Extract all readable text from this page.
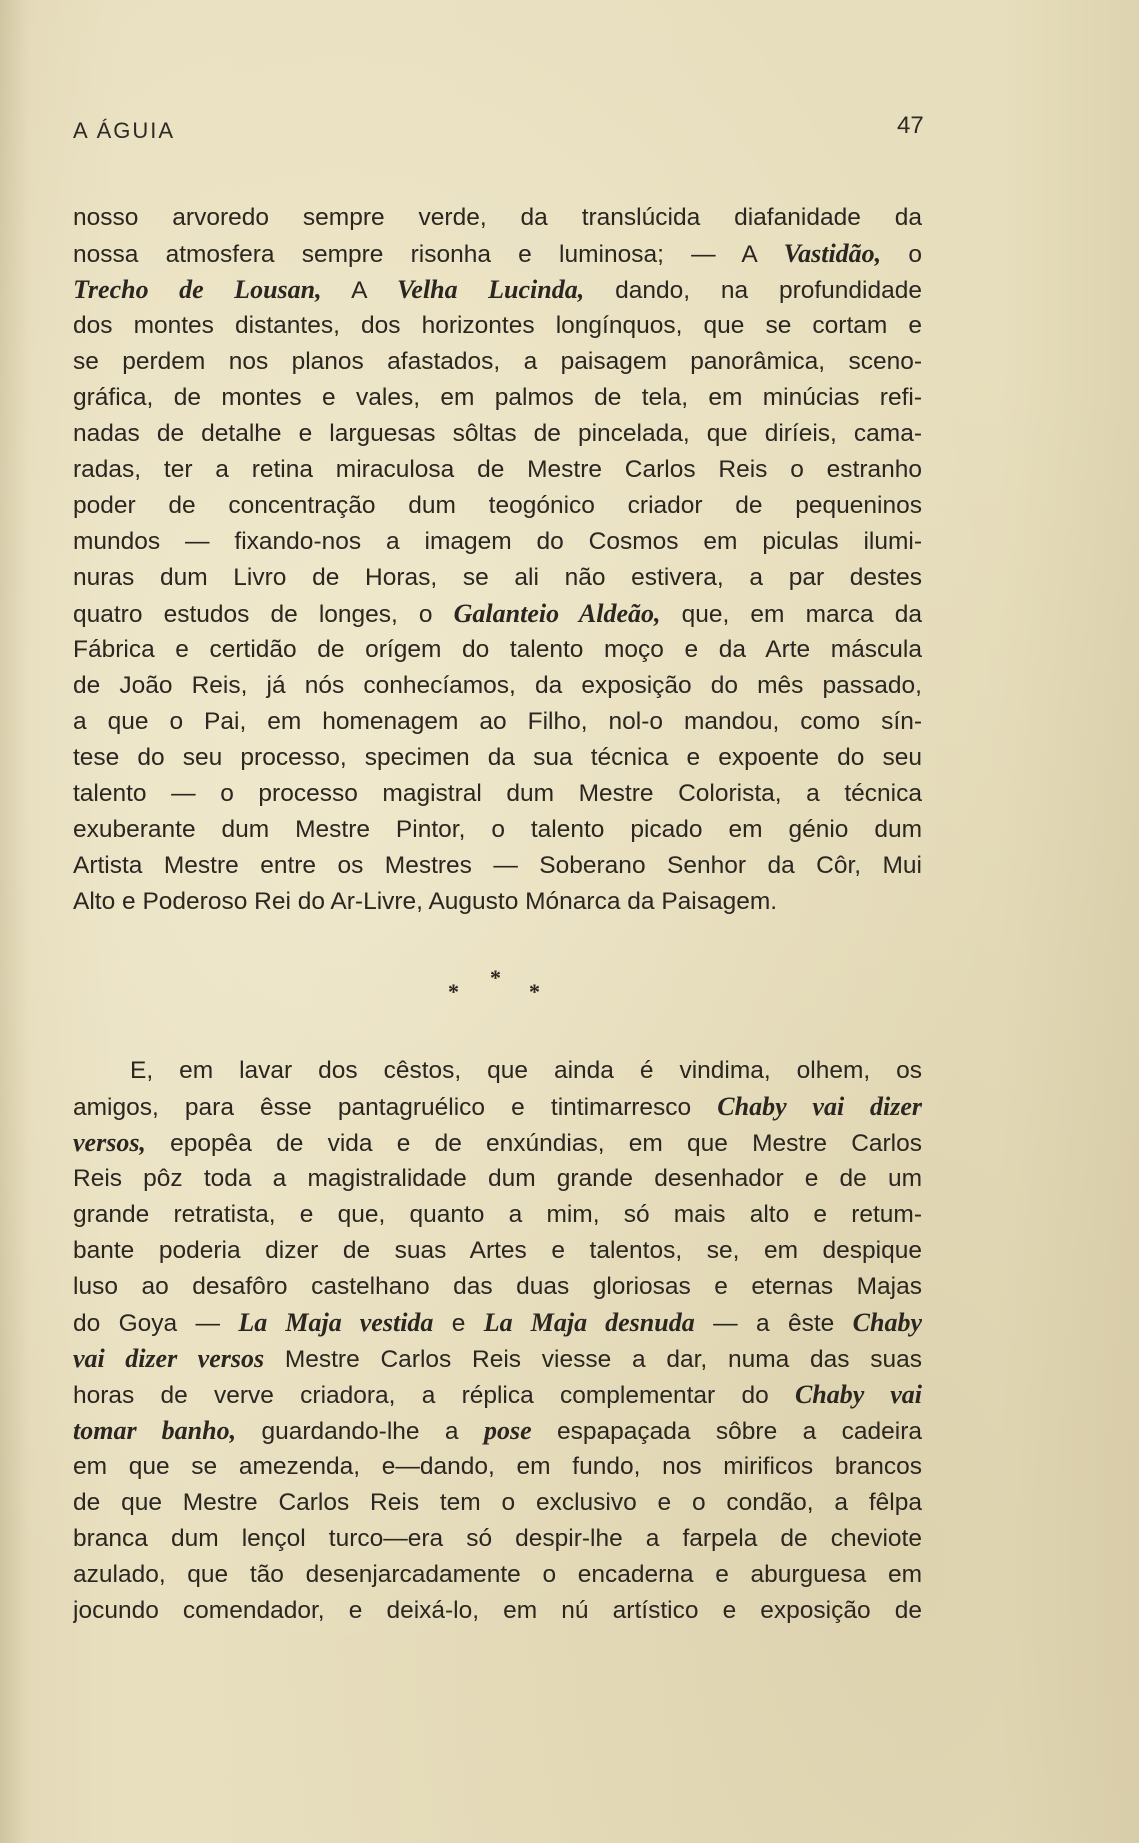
A ÁGUIA	47
nosso arvoredo sempre verde, da translúcida diafanidade da
nossa atmosfera sempre risonha e luminosa; — A Vastidão, o
Trecho de Lousan, A Velha Lucinda, dando, na profundidade
dos montes distantes, dos horizontes longínquos, que se cortam e
se perdem nos planos afastados, a paisagem panorâmica, sceno-
gráfica, de montes e vales, em palmos de tela, em minúcias refi-
nadas de detalhe e larguesas sôltas de pincelada, que diríeis, cama-
radas, ter a retina miraculosa de Mestre Carlos Reis o estranho
poder de concentração dum teogónico criador de pequeninos
mundos — fixando-nos a imagem do Cosmos em piculas ilumi-
nuras dum Livro de Horas, se ali não estivera, a par destes
quatro estudos de longes, o Galanteio Aldeão, que, em marca da
Fábrica e certidão de orígem do talento moço e da Arte máscula
de João Reis, já nós conhecíamos, da exposição do mês passado,
a que o Pai, em homenagem ao Filho, nol-o mandou, como sín-
tese do seu processo, specimen da sua técnica e expoente do seu
talento — o processo magistral dum Mestre Colorista, a técnica
exuberante dum Mestre Pintor, o talento picado em génio dum
Artista Mestre entre os Mestres — Soberano Senhor da Côr, Mui
Alto e Poderoso Rei do Ar-Livre, Augusto Mónarca da Paisagem.
*
*	*
E, em lavar dos cêstos, que ainda é vindima, olhem, os
amigos, para êsse pantagruélico e tintimarresco Chaby vai dizer
versos, epopêa de vida e de enxúndias, em que Mestre Carlos
Reis pôz toda a magistralidade dum grande desenhador e de um
grande retratista, e que, quanto a mim, só mais alto e retum-
bante poderia dizer de suas Artes e talentos, se, em despique
luso ao desafôro castelhano das duas gloriosas e eternas Majas
do Goya — La Maja vestida e La Maja desnuda — a êste Chaby
vai dizer versos Mestre Carlos Reis viesse a dar, numa das suas
horas de verve criadora, a réplica complementar do Chaby vai
tomar banho, guardando-lhe a pose espapaçada sôbre a cadeira
em que se amezenda, e—dando, em fundo, nos mirificos brancos
de que Mestre Carlos Reis tem o exclusivo e o condão, a fêlpa
branca dum lençol turco—era só despir-lhe a farpela de cheviote
azulado, que tão desenjarcadamente o encaderna e aburguesa em
jocundo comendador, e deixá-lo, em nú artístico e exposição de
